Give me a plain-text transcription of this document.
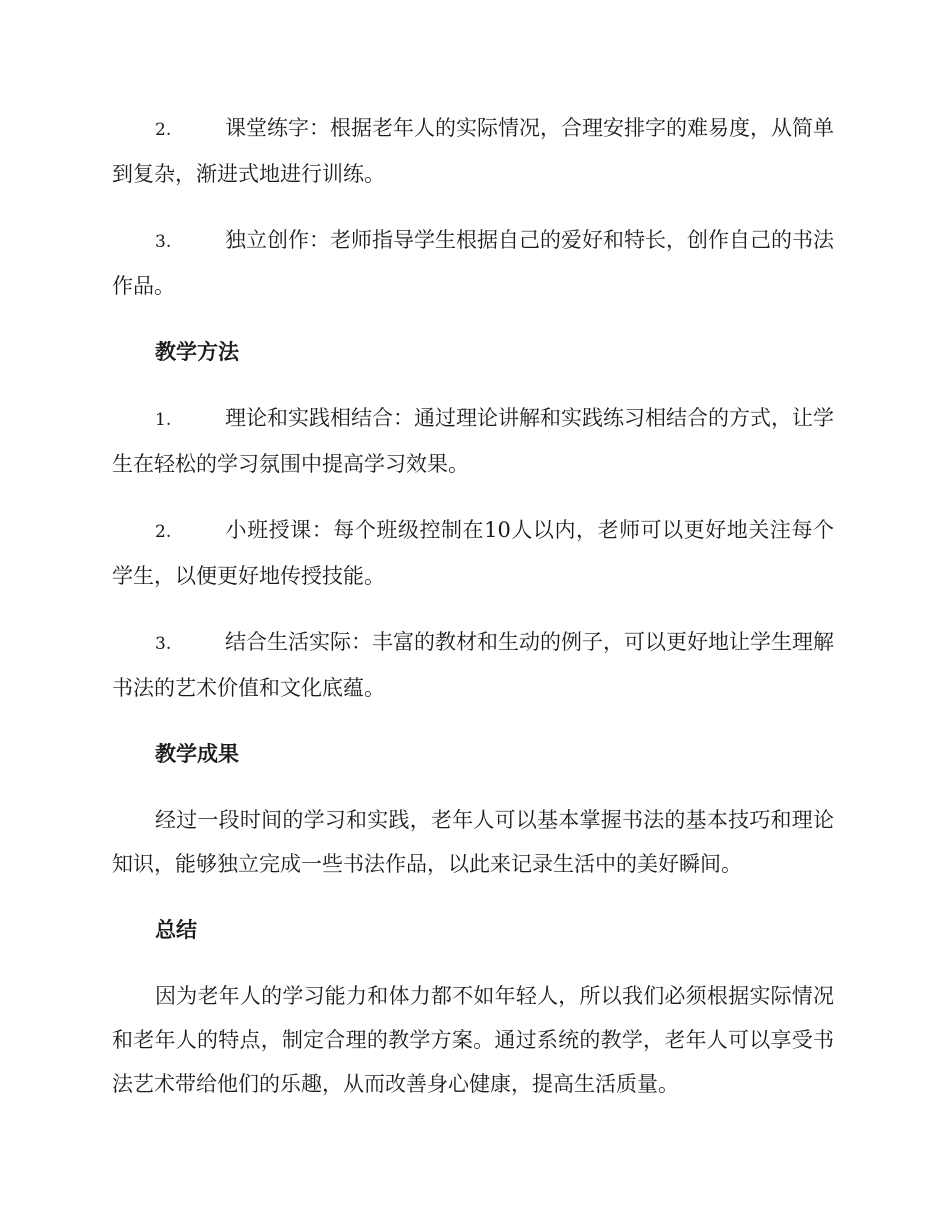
2.	课堂练字：根据老年人的实际情况，合理安排字的难易度，从简单到复杂，渐进式地进行训练。

3.	独立创作：老师指导学生根据自己的爱好和特长，创作自己的书法作品。

教学方法

1.	理论和实践相结合：通过理论讲解和实践练习相结合的方式，让学生在轻松的学习氛围中提高学习效果。

2.	小班授课：每个班级控制在10人以内，老师可以更好地关注每个学生，以便更好地传授技能。

3.	结合生活实际：丰富的教材和生动的例子，可以更好地让学生理解书法的艺术价值和文化底蕴。

教学成果

经过一段时间的学习和实践，老年人可以基本掌握书法的基本技巧和理论知识，能够独立完成一些书法作品，以此来记录生活中的美好瞬间。

总结

因为老年人的学习能力和体力都不如年轻人，所以我们必须根据实际情况和老年人的特点，制定合理的教学方案。通过系统的教学，老年人可以享受书法艺术带给他们的乐趣，从而改善身心健康，提高生活质量。
